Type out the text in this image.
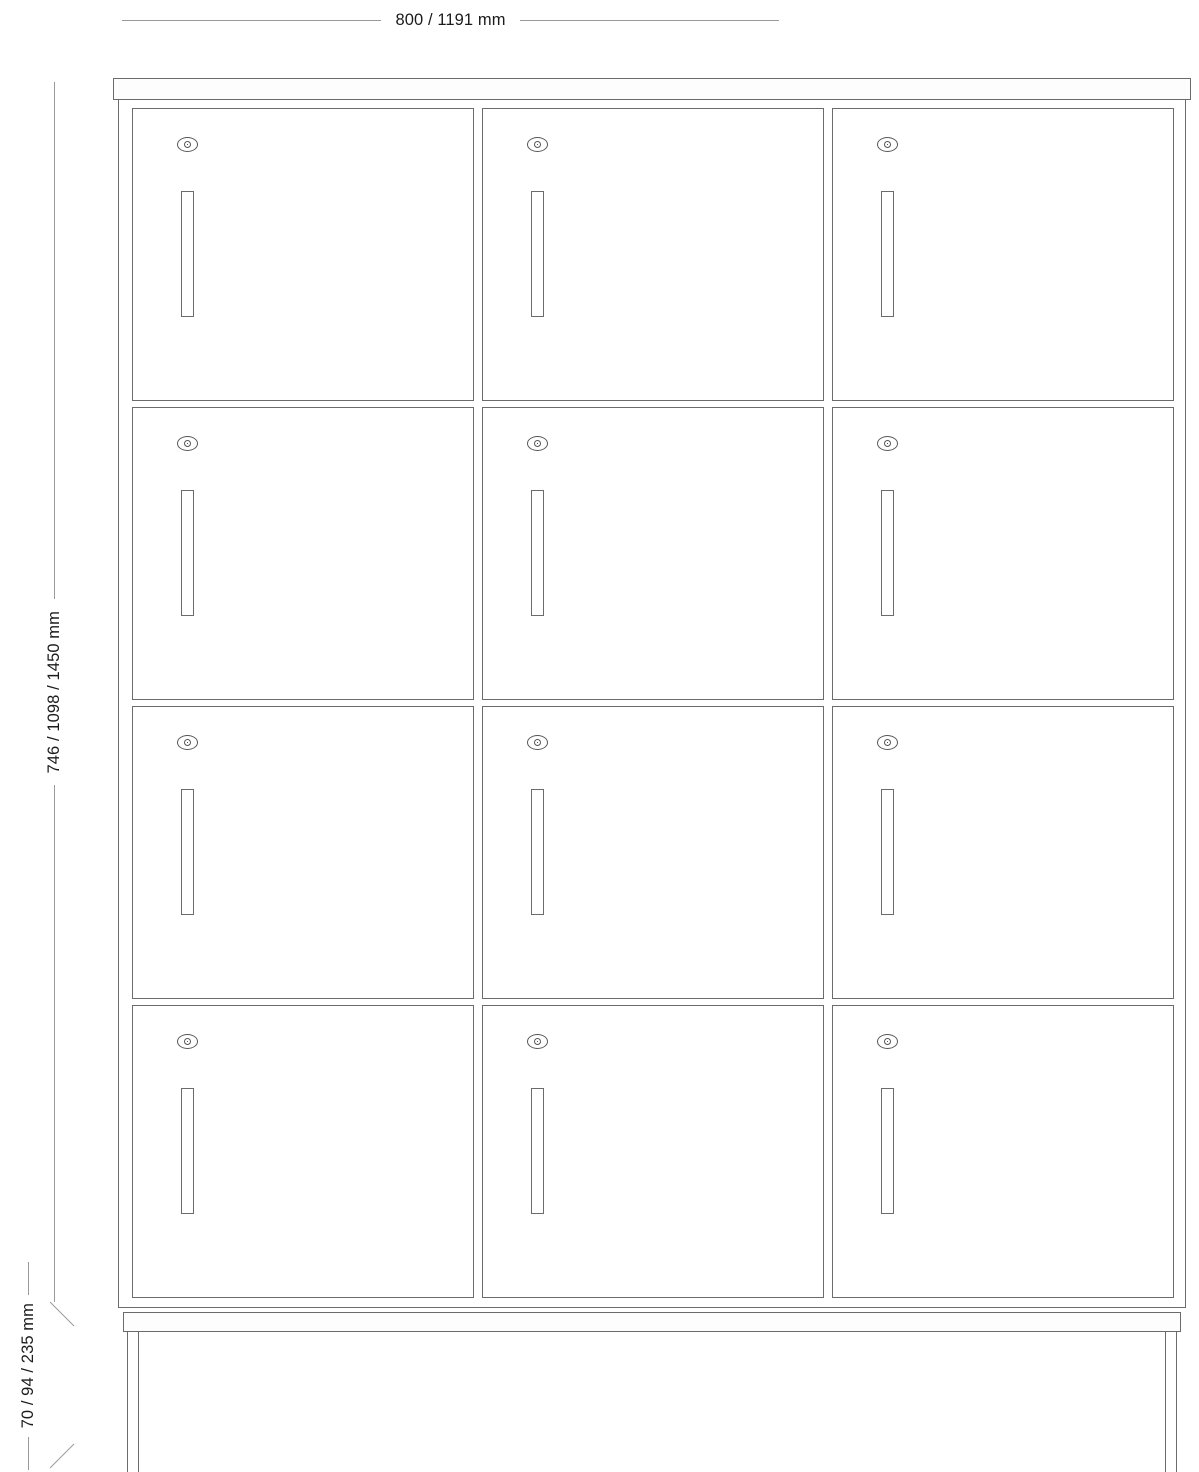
800 / 1191 mm
746 / 1098 / 1450 mm
70 / 94 / 235 mm
